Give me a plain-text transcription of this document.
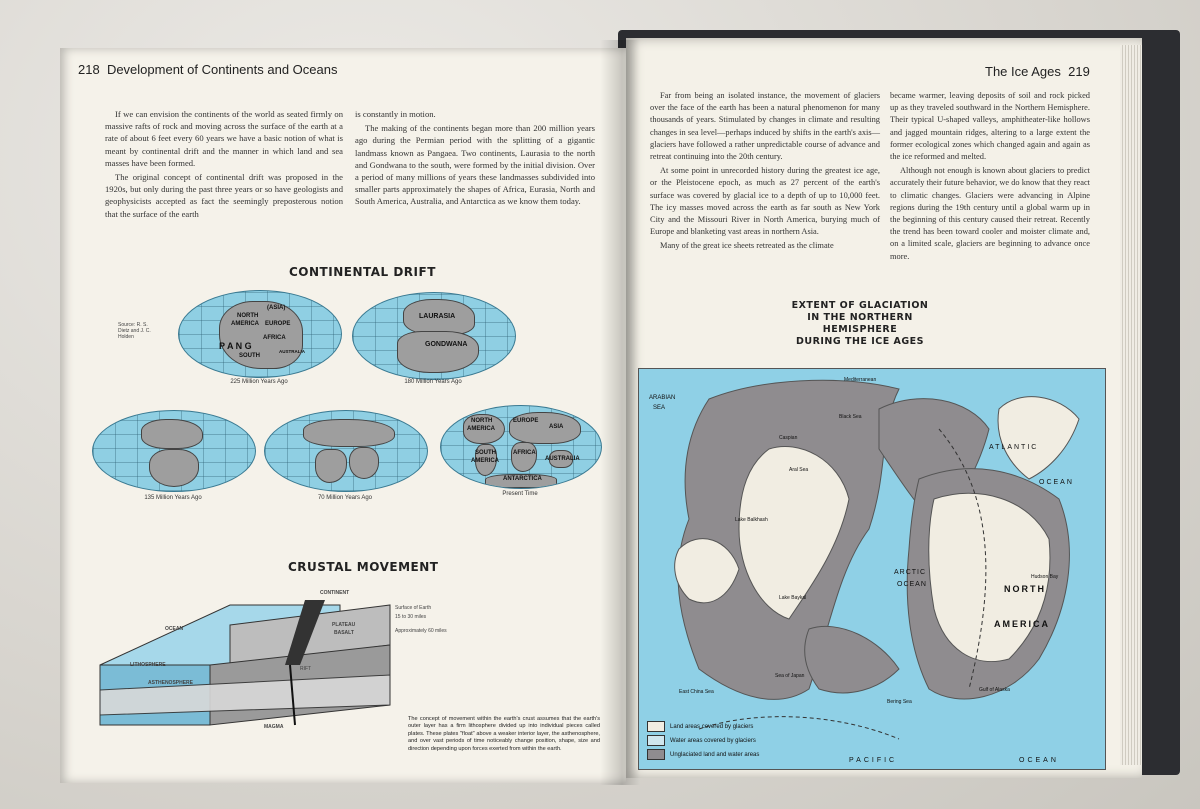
218 Development of Continents and Oceans

If we can envision the continents of the world as seated firmly on massive rafts of rock and moving across the surface of the earth at a rate of about 6 feet every 60 years we have a basic notion of what is meant by continental drift and the manner in which land and sea masses have been formed.

The original concept of continental drift was proposed in the 1920s, but only during the past three years or so have geologists and geophysicists accepted as fact the seemingly preposterous notion that the surface of the earth

is constantly in motion.

The making of the continents began more than 200 million years ago during the Permian period with the splitting of a gigantic landmass known as Pangaea. Two continents, Laurasia to the north and Gondwana to the south, were formed by the initial division. Over a period of many millions of years these landmasses subdivided into smaller parts approximately the shapes of Africa, Eurasia, North and South America, Australia, and Antarctica as we know them today.

CONTINENTAL DRIFT
Source: R. S. Dietz and J. C. Holden
NORTH
AMERICA
(ASIA)
EUROPE
AFRICA
P A N G
SOUTH
AUSTRALIA
225 Million Years Ago
LAURASIA
GONDWANA
180 Million Years Ago
135 Million Years Ago	70 Million Years Ago
NORTH
AMERICA
EUROPE
ASIA
AFRICA
SOUTH
AMERICA	AUSTRALIA
ANTARCTICA
Present Time
CRUSTAL MOVEMENT
CONTINENT
Surface of Earth
15 to 30 miles
Approximately 60 miles
OCEAN
PLATEAU
BASALT
LITHOSPHERE
ASTHENOSPHERE
RIFT
MAGMA
The concept of movement within the earth's crust assumes that the earth's outer layer has a firm lithosphere divided up into individual pieces called plates. These plates "float" above a weaker interior layer, the asthenosphere, and over vast periods of time noticeably change position, shape, size and direction depending upon forces exerted from within the earth.
The Ice Ages 219

Far from being an isolated instance, the movement of glaciers over the face of the earth has been a natural phenomenon for many thousands of years. Stimulated by changes in climate and resulting changes in sea level—perhaps induced by shifts in the earth's axis—glaciers have followed a rather unpredictable course of advance and retreat continuing into the 20th century.

At some point in unrecorded history during the greatest ice age, or the Pleistocene epoch, as much as 27 percent of the earth's surface was covered by glacial ice to a depth of up to 10,000 feet. The icy masses moved across the earth as far south as New York City and the Missouri River in North America, burying much of Europe and blanketing vast areas in northern Asia.

Many of the great ice sheets retreated as the climate

became warmer, leaving deposits of soil and rock picked up as they traveled southward in the Northern Hemisphere. Their typical U-shaped valleys, amphitheater-like hollows and jagged mountain ridges, altering to a large extent the former ecological zones which changed again and again as the ice reformed and melted.

Although not enough is known about glaciers to predict accurately their future behavior, we do know that they react to climatic changes. Glaciers were advancing in Alpine regions during the 19th century until a global warm up in the beginning of this century caused their retreat. Recently the trend has been toward cooler and moister climate and, on a limited scale, glaciers are beginning to advance once more.

EXTENT OF GLACIATION
IN THE NORTHERN HEMISPHERE
DURING THE ICE AGES
ARABIAN
SEA
ATLANTIC
OCEAN
ARCTIC
OCEAN	NORTH
AMERICA
PACIFIC	OCEAN
Black Sea
Caspian
Aral Sea
Lake Balkhash
Lake Baykal
Sea of Japan
East China Sea
Bering Sea
Gulf of Alaska
Hudson Bay
Mediterranean
Land areas covered by glaciers
Water areas covered by glaciers
Unglaciated land and water areas
